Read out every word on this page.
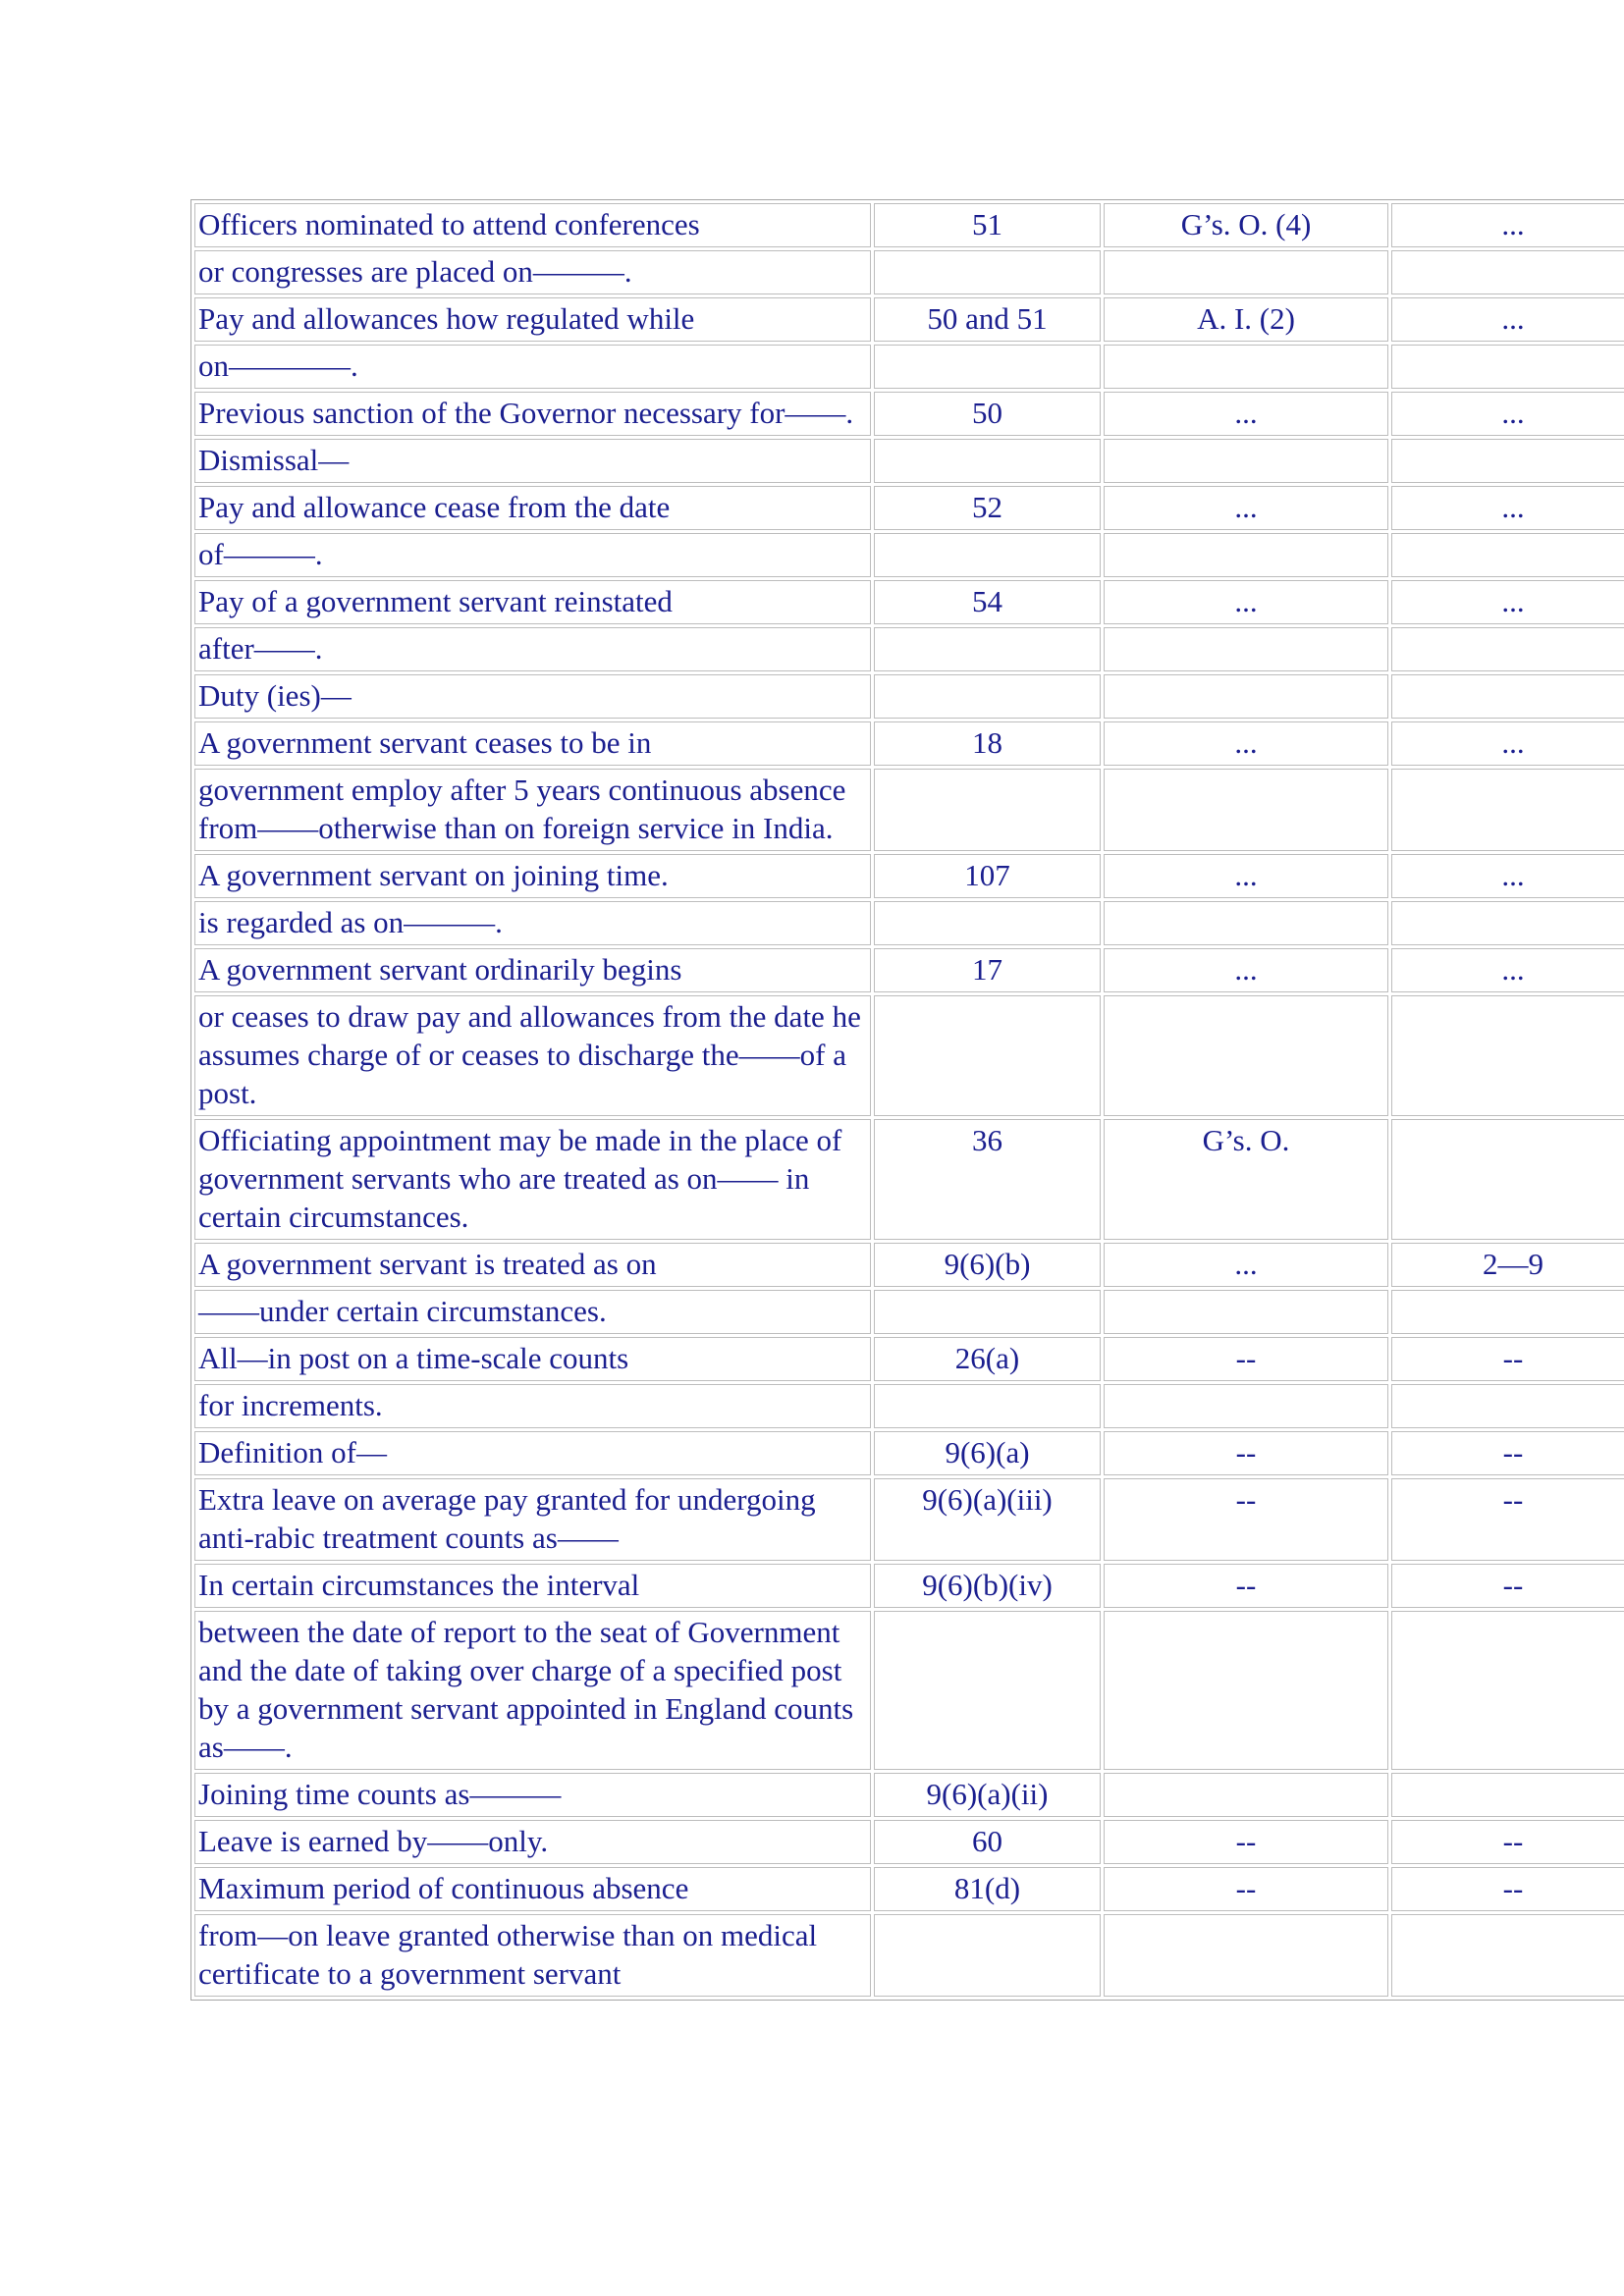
Officers nominated to attend conferences	51	G’s. O. (4)	...
or congresses are placed on———.			
Pay and allowances how regulated while	50 and 51	A. I. (2)	...
on————.			
Previous sanction of the Governor necessary for——.	50	...	...
Dismissal—			
Pay and allowance cease from the date	52	...	...
of———.			
Pay of a government servant reinstated	54	...	...
after——.			
Duty (ies)—			
A government servant ceases to be in	18	...	...
government employ after 5 years continuous absence from——otherwise than on foreign service in India.			
A government servant on joining time.	107	...	...
is regarded as on———.			
A government servant ordinarily begins	17	...	...
or ceases to draw pay and allowances from the date he assumes charge of or ceases to discharge the——of a post.			
Officiating appointment may be made in the place of government servants who are treated as on—— in certain circumstances.	36	G’s. O.	
A government servant is treated as on	9(6)(b)	...	2—9
——under certain circumstances.			
All—in post on a time-scale counts	26(a)	--	--
for increments.			
Definition of—	9(6)(a)	--	--
Extra leave on average pay granted for undergoing anti-rabic treatment counts as——	9(6)(a)(iii)	--	--
In certain circumstances the interval	9(6)(b)(iv)	--	--
between the date of report to the seat of Government and the date of taking over charge of a specified post by a government servant appointed in England counts as——.			
Joining time counts as———	9(6)(a)(ii)		
Leave is earned by——only.	60	--	--
Maximum period of continuous absence	81(d)	--	--
from—on leave granted otherwise than on medical certificate to a government servant			
